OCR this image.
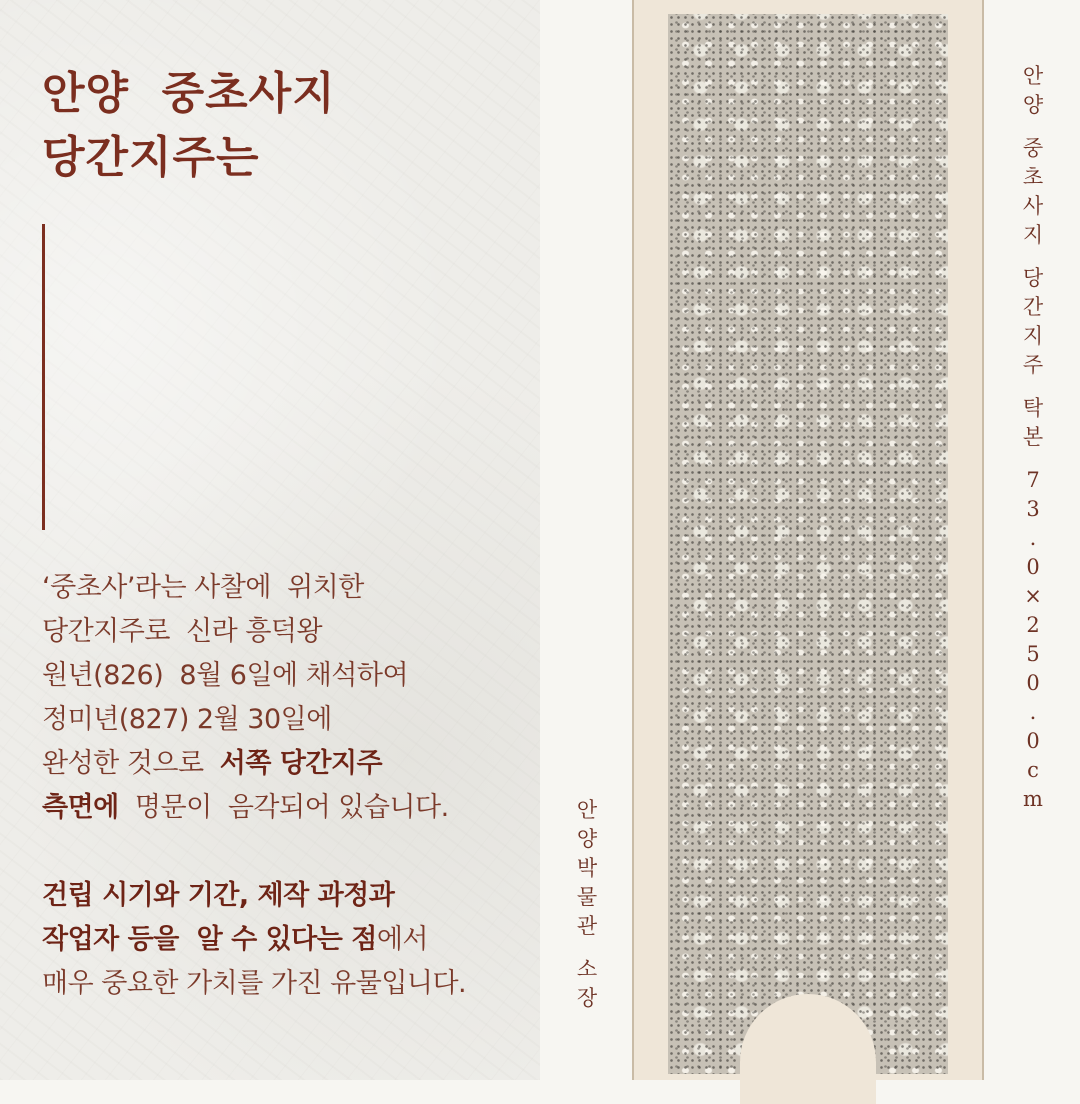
안양  중초사지
당간지주는

‘중초사’라는 사찰에  위치한
당간지주로  신라 흥덕왕
원년(826)  8월 6일에 채석하여
정미년(827) 2월 30일에
완성한 것으로  서쪽 당간지주
측면에  명문이  음각되어 있습니다.
건립 시기와 기간, 제작 과정과
작업자 등을  알 수 있다는 점에서
매우 중요한 가치를 가진 유물입니다.

안
양
박
물
관
소
장
안
양
중
초
사
지
당
간
지
주
탁
본
7
3
.
0
×
2
5
0
.
0
c
m
